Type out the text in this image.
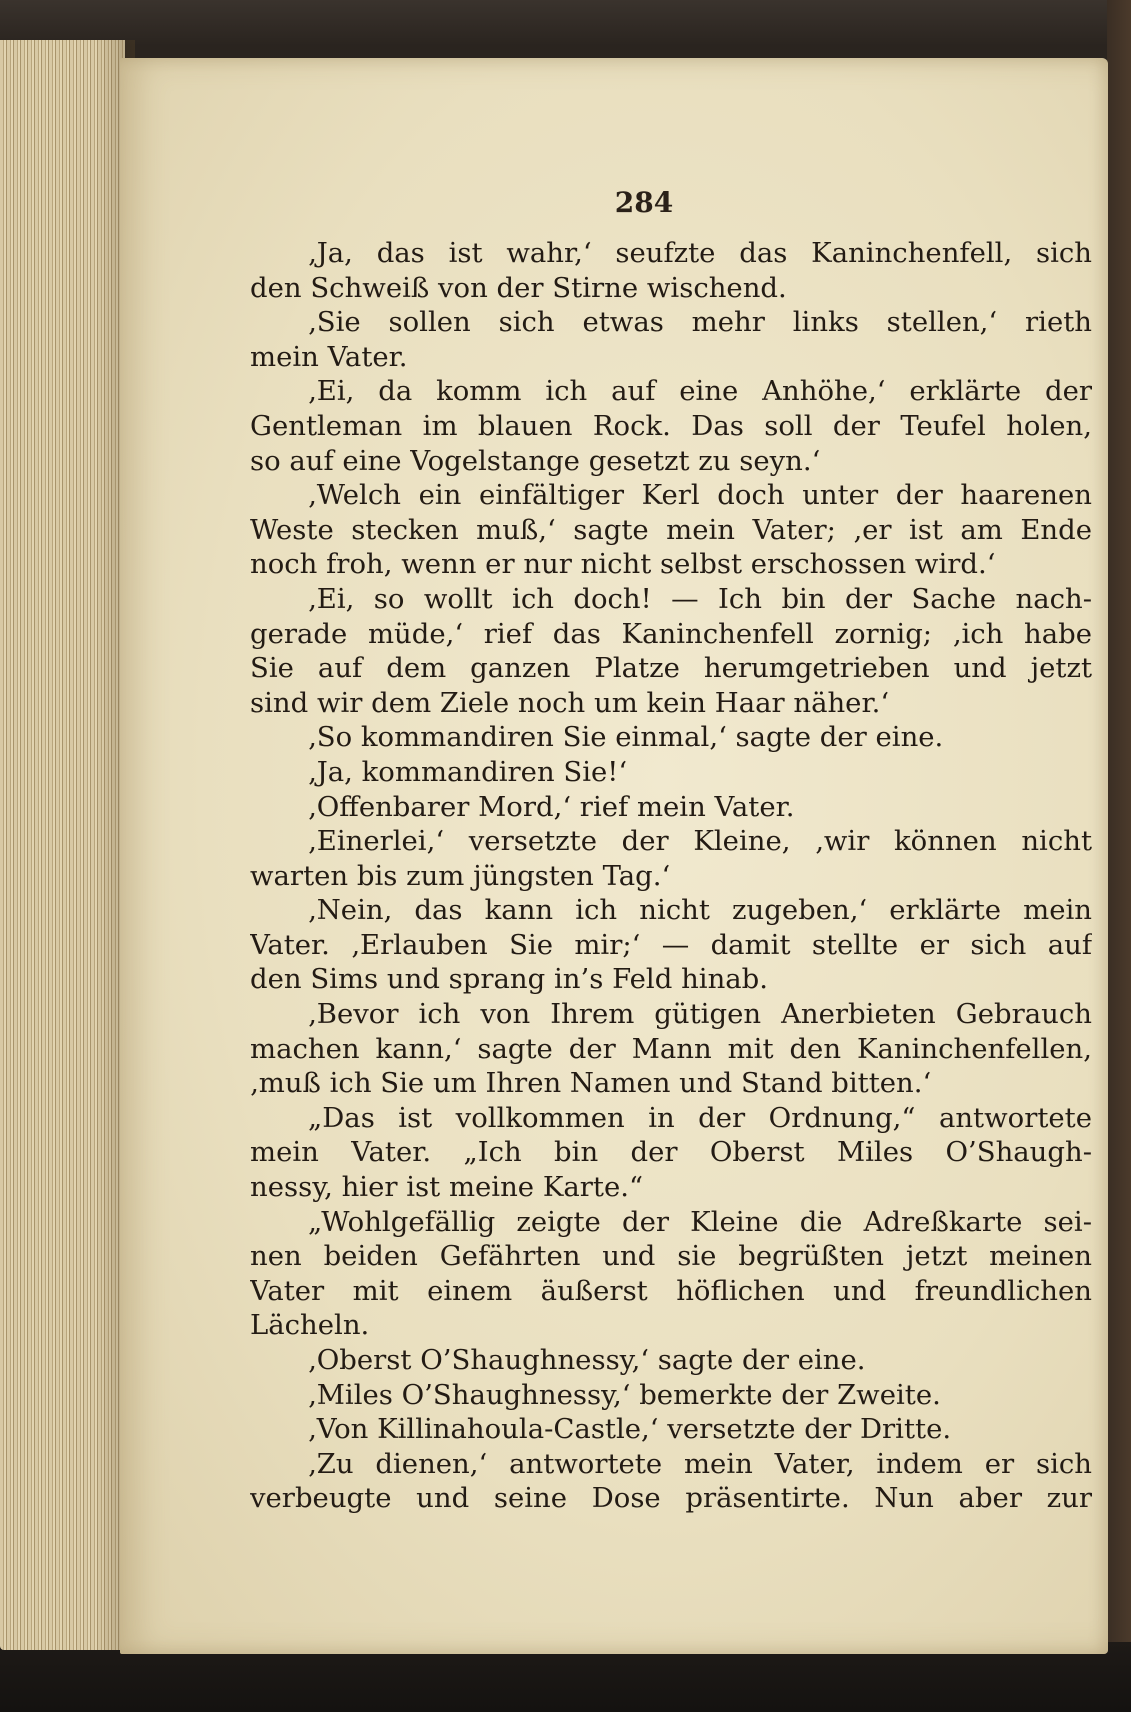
284
‚Ja, das ist wahr,‘ seufzte das Kaninchenfell, sich
den Schweiß von der Stirne wischend.
‚Sie sollen sich etwas mehr links stellen,‘ rieth
mein Vater.
‚Ei, da komm ich auf eine Anhöhe,‘ erklärte der
Gentleman im blauen Rock. Das soll der Teufel holen,
so auf eine Vogelstange gesetzt zu seyn.‘
‚Welch ein einfältiger Kerl doch unter der haarenen
Weste stecken muß,‘ sagte mein Vater; ‚er ist am Ende
noch froh, wenn er nur nicht selbst erschossen wird.‘
‚Ei, so wollt ich doch! — Ich bin der Sache nach-
gerade müde,‘ rief das Kaninchenfell zornig; ‚ich habe
Sie auf dem ganzen Platze herumgetrieben und jetzt
sind wir dem Ziele noch um kein Haar näher.‘
‚So kommandiren Sie einmal,‘ sagte der eine.
‚Ja, kommandiren Sie!‘
‚Offenbarer Mord,‘ rief mein Vater.
‚Einerlei,‘ versetzte der Kleine, ‚wir können nicht
warten bis zum jüngsten Tag.‘
‚Nein, das kann ich nicht zugeben,‘ erklärte mein
Vater. ‚Erlauben Sie mir;‘ — damit stellte er sich auf
den Sims und sprang in’s Feld hinab.
‚Bevor ich von Ihrem gütigen Anerbieten Gebrauch
machen kann,‘ sagte der Mann mit den Kaninchenfellen,
‚muß ich Sie um Ihren Namen und Stand bitten.‘
„Das ist vollkommen in der Ordnung,“ antwortete
mein Vater. „Ich bin der Oberst Miles O’Shaugh-
nessy, hier ist meine Karte.“
„Wohlgefällig zeigte der Kleine die Adreßkarte sei-
nen beiden Gefährten und sie begrüßten jetzt meinen
Vater mit einem äußerst höflichen und freundlichen
Lächeln.
‚Oberst O’Shaughnessy,‘ sagte der eine.
‚Miles O’Shaughnessy,‘ bemerkte der Zweite.
‚Von Killinahoula-Castle,‘ versetzte der Dritte.
‚Zu dienen,‘ antwortete mein Vater, indem er sich
verbeugte und seine Dose präsentirte. Nun aber zur
